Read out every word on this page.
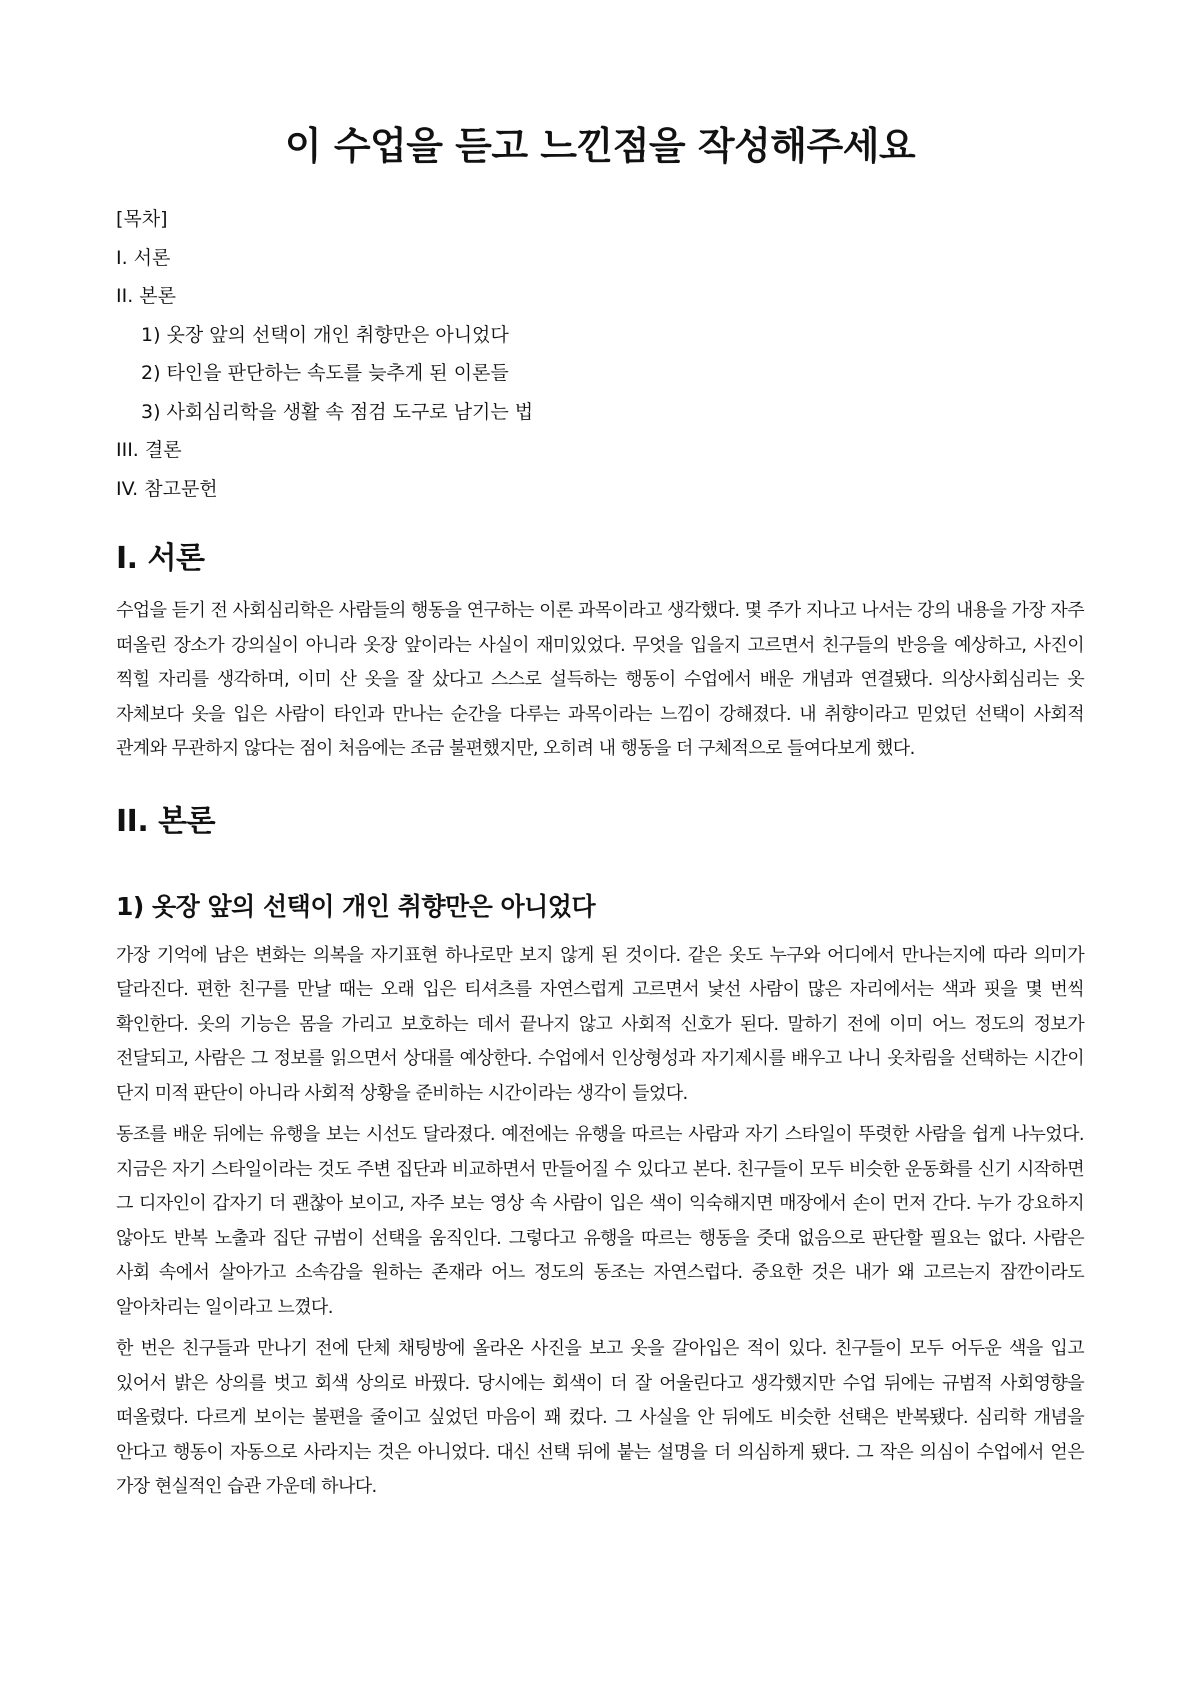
이 수업을 듣고 느낀점을 작성해주세요
[목차]
I. 서론
II. 본론
1) 옷장 앞의 선택이 개인 취향만은 아니었다
2) 타인을 판단하는 속도를 늦추게 된 이론들
3) 사회심리학을 생활 속 점검 도구로 남기는 법
III. 결론
IV. 참고문헌
I. 서론

수업을 듣기 전 사회심리학은 사람들의 행동을 연구하는 이론 과목이라고 생각했다. 몇 주가 지나고 나서는 강의 내용을 가장 자주 떠올린 장소가 강의실이 아니라 옷장 앞이라는 사실이 재미있었다. 무엇을 입을지 고르면서 친구들의 반응을 예상하고, 사진이 찍힐 자리를 생각하며, 이미 산 옷을 잘 샀다고 스스로 설득하는 행동이 수업에서 배운 개념과 연결됐다. 의상사회심리는 옷 자체보다 옷을 입은 사람이 타인과 만나는 순간을 다루는 과목이라는 느낌이 강해졌다. 내 취향이라고 믿었던 선택이 사회적 관계와 무관하지 않다는 점이 처음에는 조금 불편했지만, 오히려 내 행동을 더 구체적으로 들여다보게 했다.

II. 본론
1) 옷장 앞의 선택이 개인 취향만은 아니었다

가장 기억에 남은 변화는 의복을 자기표현 하나로만 보지 않게 된 것이다. 같은 옷도 누구와 어디에서 만나는지에 따라 의미가 달라진다. 편한 친구를 만날 때는 오래 입은 티셔츠를 자연스럽게 고르면서 낯선 사람이 많은 자리에서는 색과 핏을 몇 번씩 확인한다. 옷의 기능은 몸을 가리고 보호하는 데서 끝나지 않고 사회적 신호가 된다. 말하기 전에 이미 어느 정도의 정보가 전달되고, 사람은 그 정보를 읽으면서 상대를 예상한다. 수업에서 인상형성과 자기제시를 배우고 나니 옷차림을 선택하는 시간이 단지 미적 판단이 아니라 사회적 상황을 준비하는 시간이라는 생각이 들었다.

동조를 배운 뒤에는 유행을 보는 시선도 달라졌다. 예전에는 유행을 따르는 사람과 자기 스타일이 뚜렷한 사람을 쉽게 나누었다. 지금은 자기 스타일이라는 것도 주변 집단과 비교하면서 만들어질 수 있다고 본다. 친구들이 모두 비슷한 운동화를 신기 시작하면 그 디자인이 갑자기 더 괜찮아 보이고, 자주 보는 영상 속 사람이 입은 색이 익숙해지면 매장에서 손이 먼저 간다. 누가 강요하지 않아도 반복 노출과 집단 규범이 선택을 움직인다. 그렇다고 유행을 따르는 행동을 줏대 없음으로 판단할 필요는 없다. 사람은 사회 속에서 살아가고 소속감을 원하는 존재라 어느 정도의 동조는 자연스럽다. 중요한 것은 내가 왜 고르는지 잠깐이라도 알아차리는 일이라고 느꼈다.

한 번은 친구들과 만나기 전에 단체 채팅방에 올라온 사진을 보고 옷을 갈아입은 적이 있다. 친구들이 모두 어두운 색을 입고 있어서 밝은 상의를 벗고 회색 상의로 바꿨다. 당시에는 회색이 더 잘 어울린다고 생각했지만 수업 뒤에는 규범적 사회영향을 떠올렸다. 다르게 보이는 불편을 줄이고 싶었던 마음이 꽤 컸다. 그 사실을 안 뒤에도 비슷한 선택은 반복됐다. 심리학 개념을 안다고 행동이 자동으로 사라지는 것은 아니었다. 대신 선택 뒤에 붙는 설명을 더 의심하게 됐다. 그 작은 의심이 수업에서 얻은 가장 현실적인 습관 가운데 하나다.
